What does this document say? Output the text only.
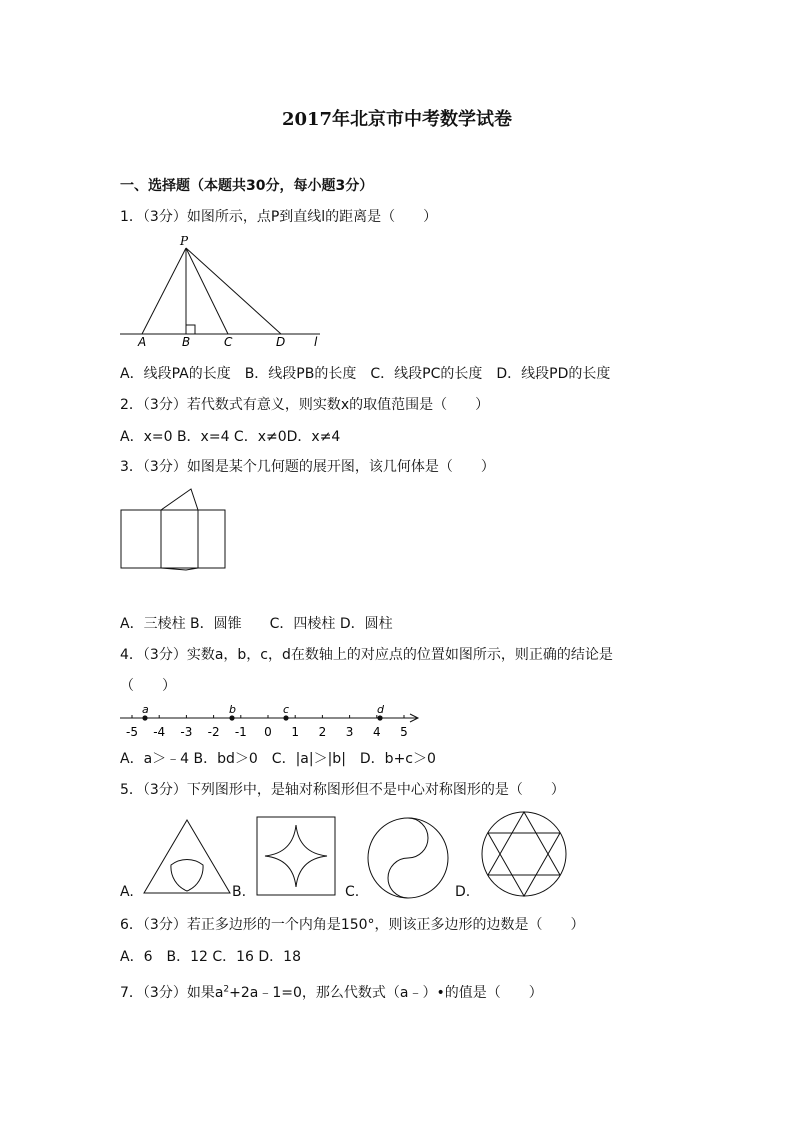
2017年北京市中考数学试卷
一、选择题（本题共30分，每小题3分）
1．（3分）如图所示，点P到直线l的距离是（　　）
P
A	B	C	D l
A．线段PA的长度　B．线段PB的长度　C．线段PC的长度　D．线段PD的长度
2．（3分）若代数式有意义，则实数x的取值范围是（　　）
A．x=0 B．x=4 C．x≠0D．x≠4
3．（3分）如图是某个几何题的展开图，该几何体是（　　）
A．三棱柱 B．圆锥　　C．四棱柱 D．圆柱
4．（3分）实数a，b，c，d在数轴上的对应点的位置如图所示，则正确的结论是
（　　）
-5 -4 -3 -2 -1 0 1 2 3 4 5
a	b	c	d
A．a＞﹣4 B．bd＞0　C．|a|＞|b|　D．b+c＞0
5．（3分）下列图形中，是轴对称图形但不是中心对称图形的是（　　）
A.	B.	C.	D.
6．（3分）若正多边形的一个内角是150°，则该正多边形的边数是（　　）
A．6　B．12 C．16 D．18
7．（3分）如果$a^2+2a﹣1=0$，那么代数式（a﹣）•的值是（　　）
